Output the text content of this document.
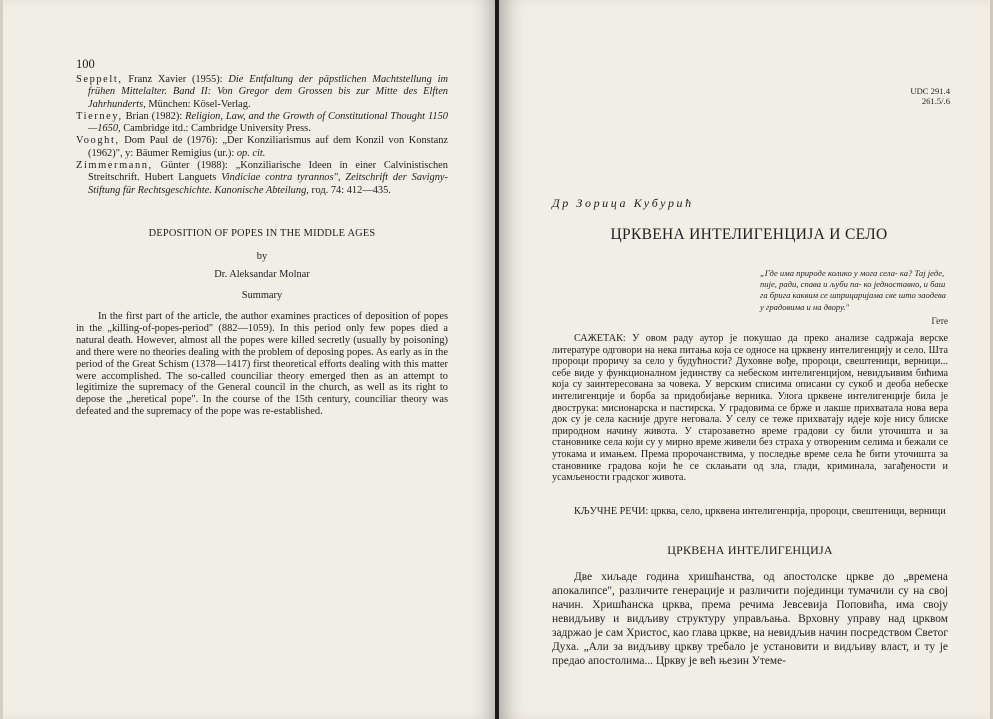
100

Seppelt, Franz Xavier (1955): Die Entfaltung der päpstlichen Machtstellung im frühen Mittelalter. Band II: Von Gregor dem Grossen bis zur Mitte des Elften Jahrhunderts, München: Kösel-Verlag.

Tierney, Brian (1982): Religion, Law, and the Growth of Constitutional Thought 1150—1650, Cambridge itd.: Cambridge University Press.

Vooght, Dom Paul de (1976): „Der Konziliarismus auf dem Konzil von Konstanz (1962)", y: Bäumer Remigius (ur.): op. cit.

Zimmermann, Günter (1988): „Konziliarische Ideen in einer Calvinistischen Streitschrift. Hubert Languets Vindiciae contra tyrannos", Zeitschrift der Savigny-Stiftung für Rechtsgeschichte. Kanonische Abteilung, год. 74: 412—435.

DEPOSITION OF POPES IN THE MIDDLE AGES
by
Dr. Aleksandar Molnar
Summary

In the first part of the article, the author examines practices of deposition of popes in the „killing-of-popes-period" (882—1059). In this period only few popes died a natural death. However, almost all the popes were killed secretly (usually by poisoning) and there were no theories dealing with the problem of deposing popes. As early as in the period of the Great Schism (1378—1417) first theoretical efforts dealing with this matter were accomplished. The so-called counciliar theory emerged then as an attempt to legitimize the supremacy of the General council in the church, as well as its right to depose the „heretical pope". In the course of the 15th century, counciliar theory was defeated and the supremacy of the pope was re-established.

UDC 291.4
261.5/.6
Др Зорица Кубурић
ЦРКВЕНА ИНТЕЛИГЕНЦИЈА И СЕЛО
„Где има природе колико у мога села- ка? Тај једе, пије, ради, спава и љуби па- ко једноставно, и баш га брига каквим се шприцаријама све што заодева у градовима и на двору."
Гете

САЖЕТАК: У овом раду аутор је покушао да преко анализе садржаја верске литературе одговори на нека питања која се односе на црквену интелигенцију и село. Шта пророци проричу за село у будућности? Духовне вође, пророци, свештеници, верници... себе виде у функционалном јединству са небеском интелигенцијом, невидљивим бићима која су заинтересована за човека. У верским списима описани су сукоб и деоба небеске интелигенције и борба за придобијање верника. Улога црквене интелигенције била је двострука: мисионарска и пастирска. У градовима се брже и лакше прихватала нова вера док су је села касније друге неговала. У селу се теже прихватају идеје које нису блиске природном начину живота. У старозаветно време градови су били уточишта и за становнике села који су у мирно време живели без страха у отвореним селима и бежали се утокама и имањем. Према пророчанствима, у последње време села ће бити уточишта за становнике градова који ће се склањати од зла, глади, криминала, загађености и усамљености градског живота.

КЉУЧНЕ РЕЧИ: црква, село, црквена интелигенција, пророци, свештеници, верници

ЦРКВЕНА ИНТЕЛИГЕНЦИЈА

Две хиљаде година хришћанства, од апостолске цркве до „времена апокалипсе", различите генерације и различити појединци тумачили су на свој начин. Хришћанска црква, према речима Јевсевија Поповића, има своју невидљиву и видљиву структуру управљања. Врховну управу над црквом задржао је сам Христос, као глава цркве, на невидљив начин посредством Светог Духа. „Али за видљиву цркву требало је установити и видљиву власт, и ту је предао апостолима... Цркву је већ њезин Утеме-
